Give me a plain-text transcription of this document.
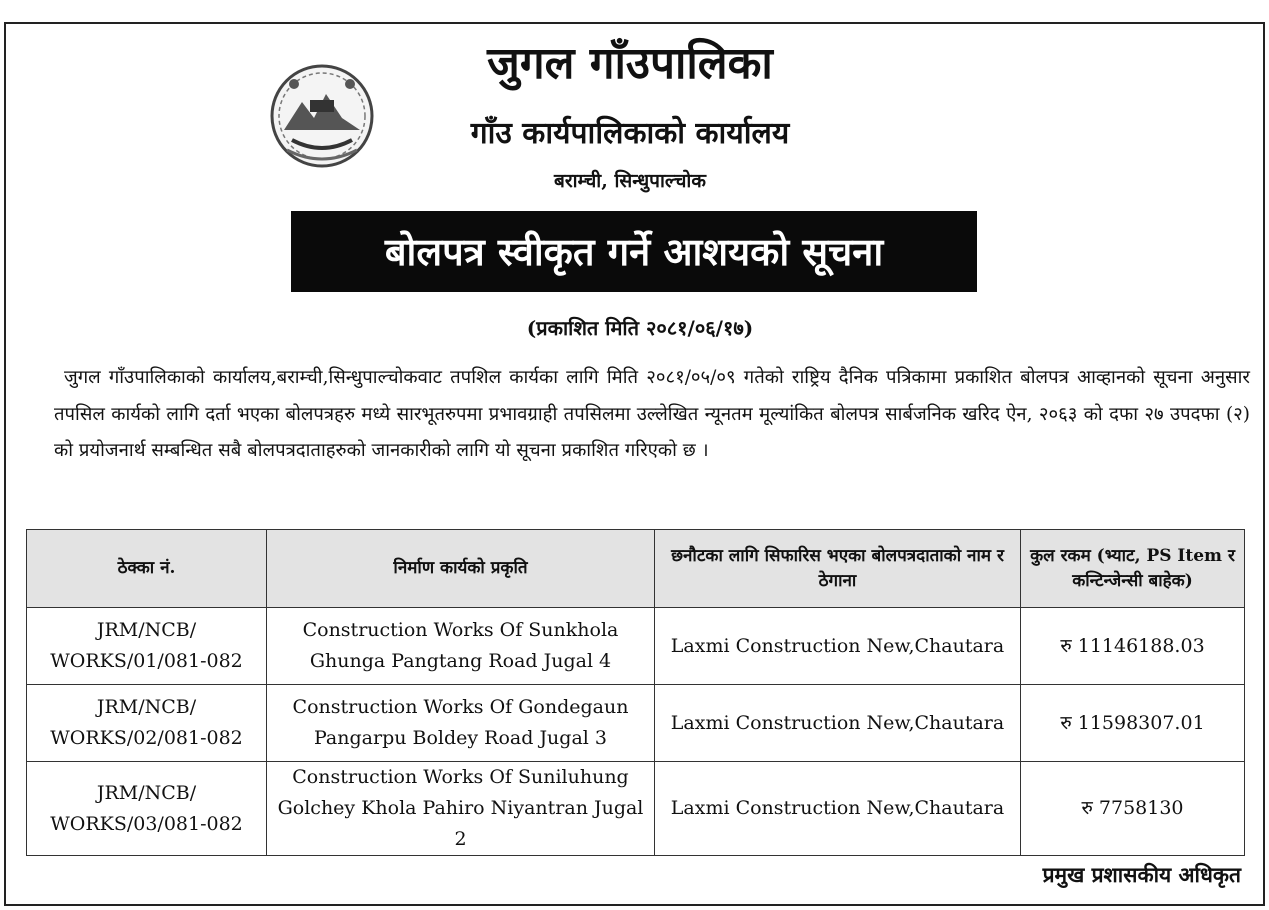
जुगल गाँउपालिका
गाँउ कार्यपालिकाको कार्यालय
बराम्ची, सिन्धुपाल्चोक
बोलपत्र स्वीकृत गर्ने आशयको सूचना
(प्रकाशित मिति २०८१/०६/१७)
जुगल गाँउपालिकाको कार्यालय,बराम्ची,सिन्धुपाल्चोकवाट तपशिल कार्यका लागि मिति २०८१/०५/०९ गतेको राष्ट्रिय दैनिक पत्रिकामा प्रकाशित बोलपत्र आव्हानको सूचना अनुसार तपसिल कार्यको लागि दर्ता भएका बोलपत्रहरु मध्ये सारभूतरुपमा प्रभावग्राही तपसिलमा उल्लेखित न्यूनतम मूल्यांकित बोलपत्र सार्बजनिक खरिद ऐन, २०६३ को दफा २७ उपदफा (२) को प्रयोजनार्थ सम्बन्धित सबै बोलपत्रदाताहरुको जानकारीको लागि यो सूचना प्रकाशित गरिएको छ ।
ठेक्का नं.	निर्माण कार्यको प्रकृति	छनौटका लागि सिफारिस भएका बोलपत्रदाताको नाम र ठेगाना	कुल रकम (भ्याट, PS Item र कन्टिन्जेन्सी बाहेक)
JRM/NCB/ WORKS/01/081-082	Construction Works Of Sunkhola Ghunga Pangtang Road Jugal 4	Laxmi Construction New,Chautara	रु 11146188.03
JRM/NCB/ WORKS/02/081-082	Construction Works Of Gondegaun Pangarpu Boldey Road Jugal 3	Laxmi Construction New,Chautara	रु 11598307.01
JRM/NCB/ WORKS/03/081-082	Construction Works Of Suniluhung Golchey Khola Pahiro Niyantran Jugal 2	Laxmi Construction New,Chautara	रु 7758130
प्रमुख प्रशासकीय अधिकृत
